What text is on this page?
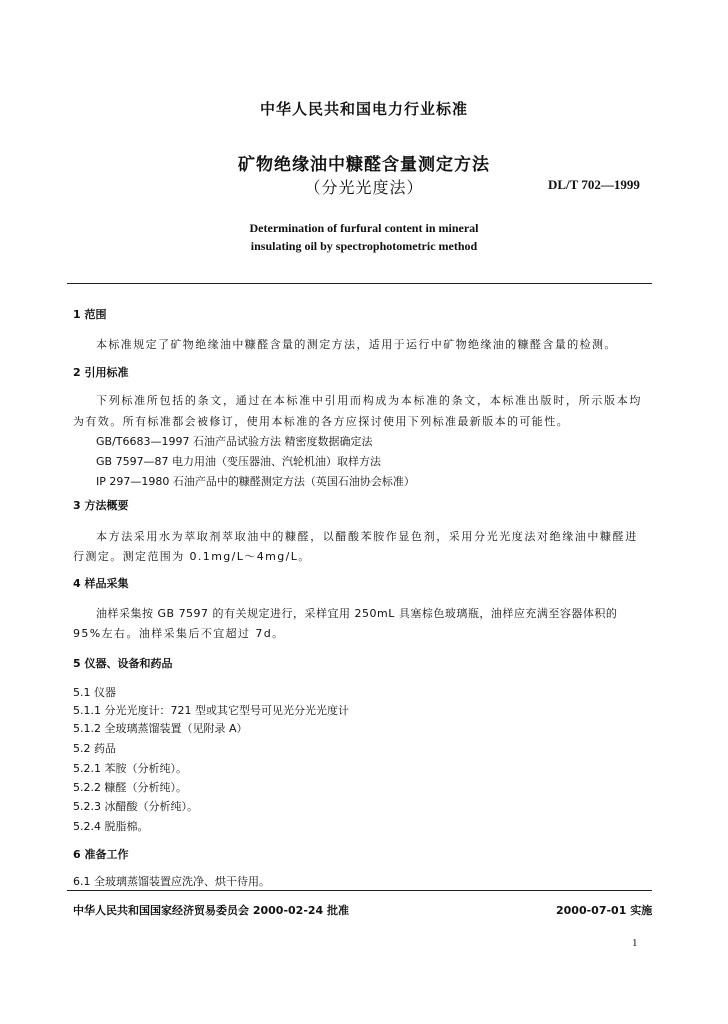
中华人民共和国电力行业标准
矿物绝缘油中糠醛含量测定方法
（分光光度法）	DL/T 702—1999
Determination of furfural content in mineral
insulating oil by spectrophotometric method
1 范围
本标准规定了矿物绝缘油中糠醛含量的测定方法，适用于运行中矿物绝缘油的糠醛含量的检测。
2 引用标准
下列标准所包括的条文，通过在本标准中引用而构成为本标准的条文，本标准出版时，所示版本均
为有效。所有标准都会被修订，使用本标准的各方应探讨使用下列标准最新版本的可能性。
GB/T6683—1997 石油产品试验方法 精密度数据确定法
GB 7597—87 电力用油（变压器油、汽轮机油）取样方法
IP 297—1980 石油产品中的糠醛测定方法（英国石油协会标准）
3 方法概要
本方法采用水为萃取剂萃取油中的糠醛，以醋酸苯胺作显色剂，采用分光光度法对绝缘油中糠醛进
行测定。测定范围为 0.1mg/L～4mg/L。
4 样品采集
油样采集按 GB 7597 的有关规定进行，采样宜用 250mL 具塞棕色玻璃瓶，油样应充满至容器体积的
95%左右。油样采集后不宜超过 7d。
5 仪器、设备和药品
5.1 仪器
5.1.1 分光光度计：721 型或其它型号可见光分光光度计
5.1.2 全玻璃蒸馏装置（见附录 A）
5.2 药品
5.2.1 苯胺（分析纯）。
5.2.2 糠醛（分析纯）。
5.2.3 冰醋酸（分析纯）。
5.2.4 脱脂棉。
6 准备工作
6.1 全玻璃蒸馏装置应洗净、烘干待用。
中华人民共和国国家经济贸易委员会 2000-02-24 批准	2000-07-01 实施
1
